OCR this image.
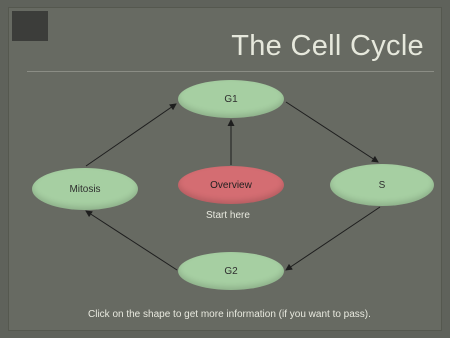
The Cell Cycle
G1
Mitosis	Overview	S
G2
Start here
Click on the shape to get more information (if you want to pass).
